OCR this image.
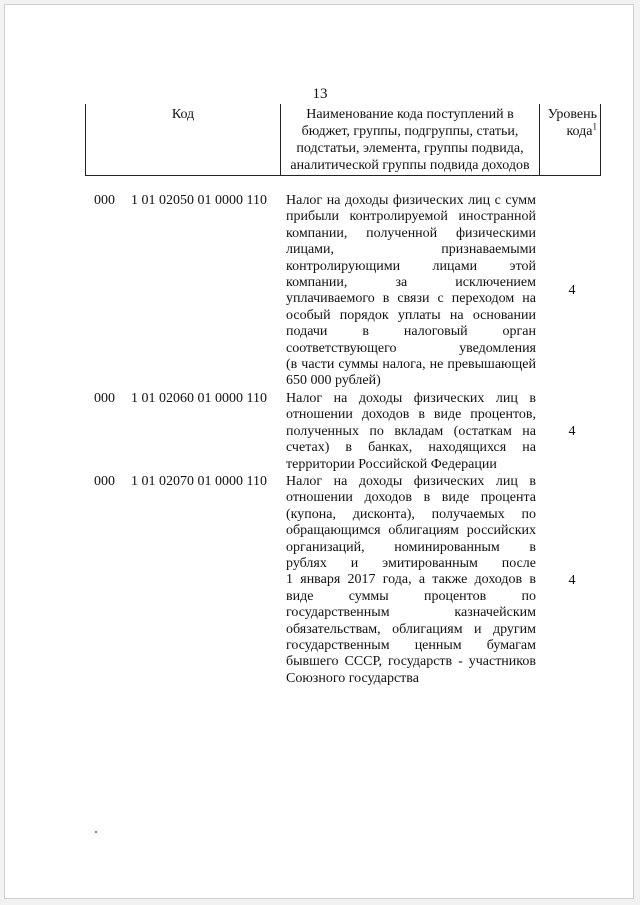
13
Код	Наименование кода поступлений в
бюджет, группы, подгруппы, статьи,
подстатьи, элемента, группы подвида,
аналитической группы подвида доходов	Уровень
кода$^1$
000 1 01 02050 01 0000 110 Налог на доходы физических лиц с сумм
прибыли контролируемой иностранной
компании, полученной физическими
лицами, признаваемыми
контролирующими лицами этой
компании, за исключением
уплачиваемого в связи с переходом на
особый порядок уплаты на основании
подачи в налоговый орган
соответствующего уведомления
(в части суммы налога, не превышающей
650 000 рублей)
4
000 1 01 02060 01 0000 110 Налог на доходы физических лиц в
отношении доходов в виде процентов,
полученных по вкладам (остаткам на
счетах) в банках, находящихся на
территории Российской Федерации
4
000 1 01 02070 01 0000 110 Налог на доходы физических лиц в
отношении доходов в виде процента
(купона, дисконта), получаемых по
обращающимся облигациям российских
организаций, номинированным в
рублях и эмитированным после
1 января 2017 года, а также доходов в
виде суммы процентов по
государственным казначейским
обязательствам, облигациям и другим
государственным ценным бумагам
бывшего СССР, государств - участников
Союзного государства
4
